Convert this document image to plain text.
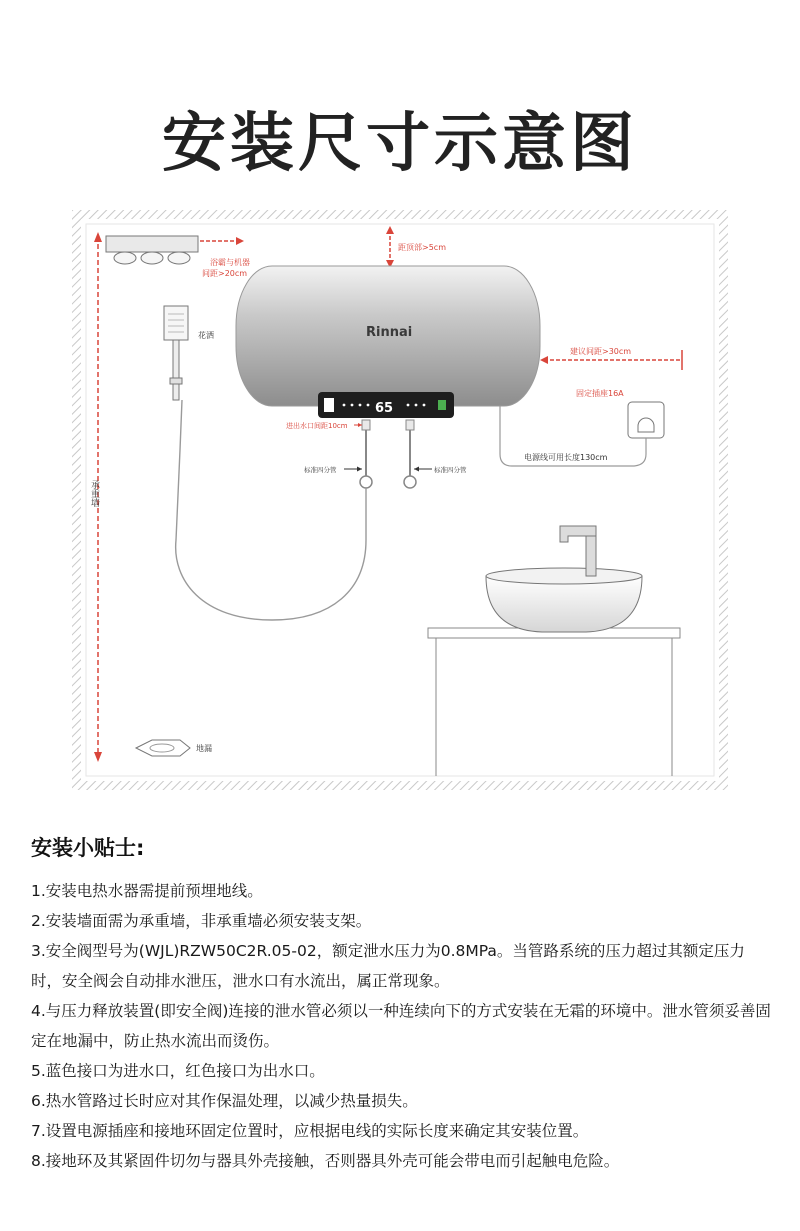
安装尺寸示意图
承重墙
浴霸与机器
间距>20cm
距顶部>5cm
Rinnai
65
建议间距>30cm
固定插座16A
电源线可用长度130cm
进出水口间距10cm
标准四分管	标准四分管
花洒
地漏
安装小贴士:

1.安装电热水器需提前预埋地线。

2.安装墙面需为承重墙，非承重墙必须安装支架。

3.安全阀型号为(WJL)RZW50C2R.05-02，额定泄水压力为0.8MPa。当管路系统的压力超过其额定压力时，安全阀会自动排水泄压，泄水口有水流出，属正常现象。

4.与压力释放装置(即安全阀)连接的泄水管必须以一种连续向下的方式安装在无霜的环境中。泄水管须妥善固定在地漏中，防止热水流出而烫伤。

5.蓝色接口为进水口，红色接口为出水口。

6.热水管路过长时应对其作保温处理，以减少热量损失。

7.设置电源插座和接地环固定位置时，应根据电线的实际长度来确定其安装位置。

8.接地环及其紧固件切勿与器具外壳接触，否则器具外壳可能会带电而引起触电危险。
